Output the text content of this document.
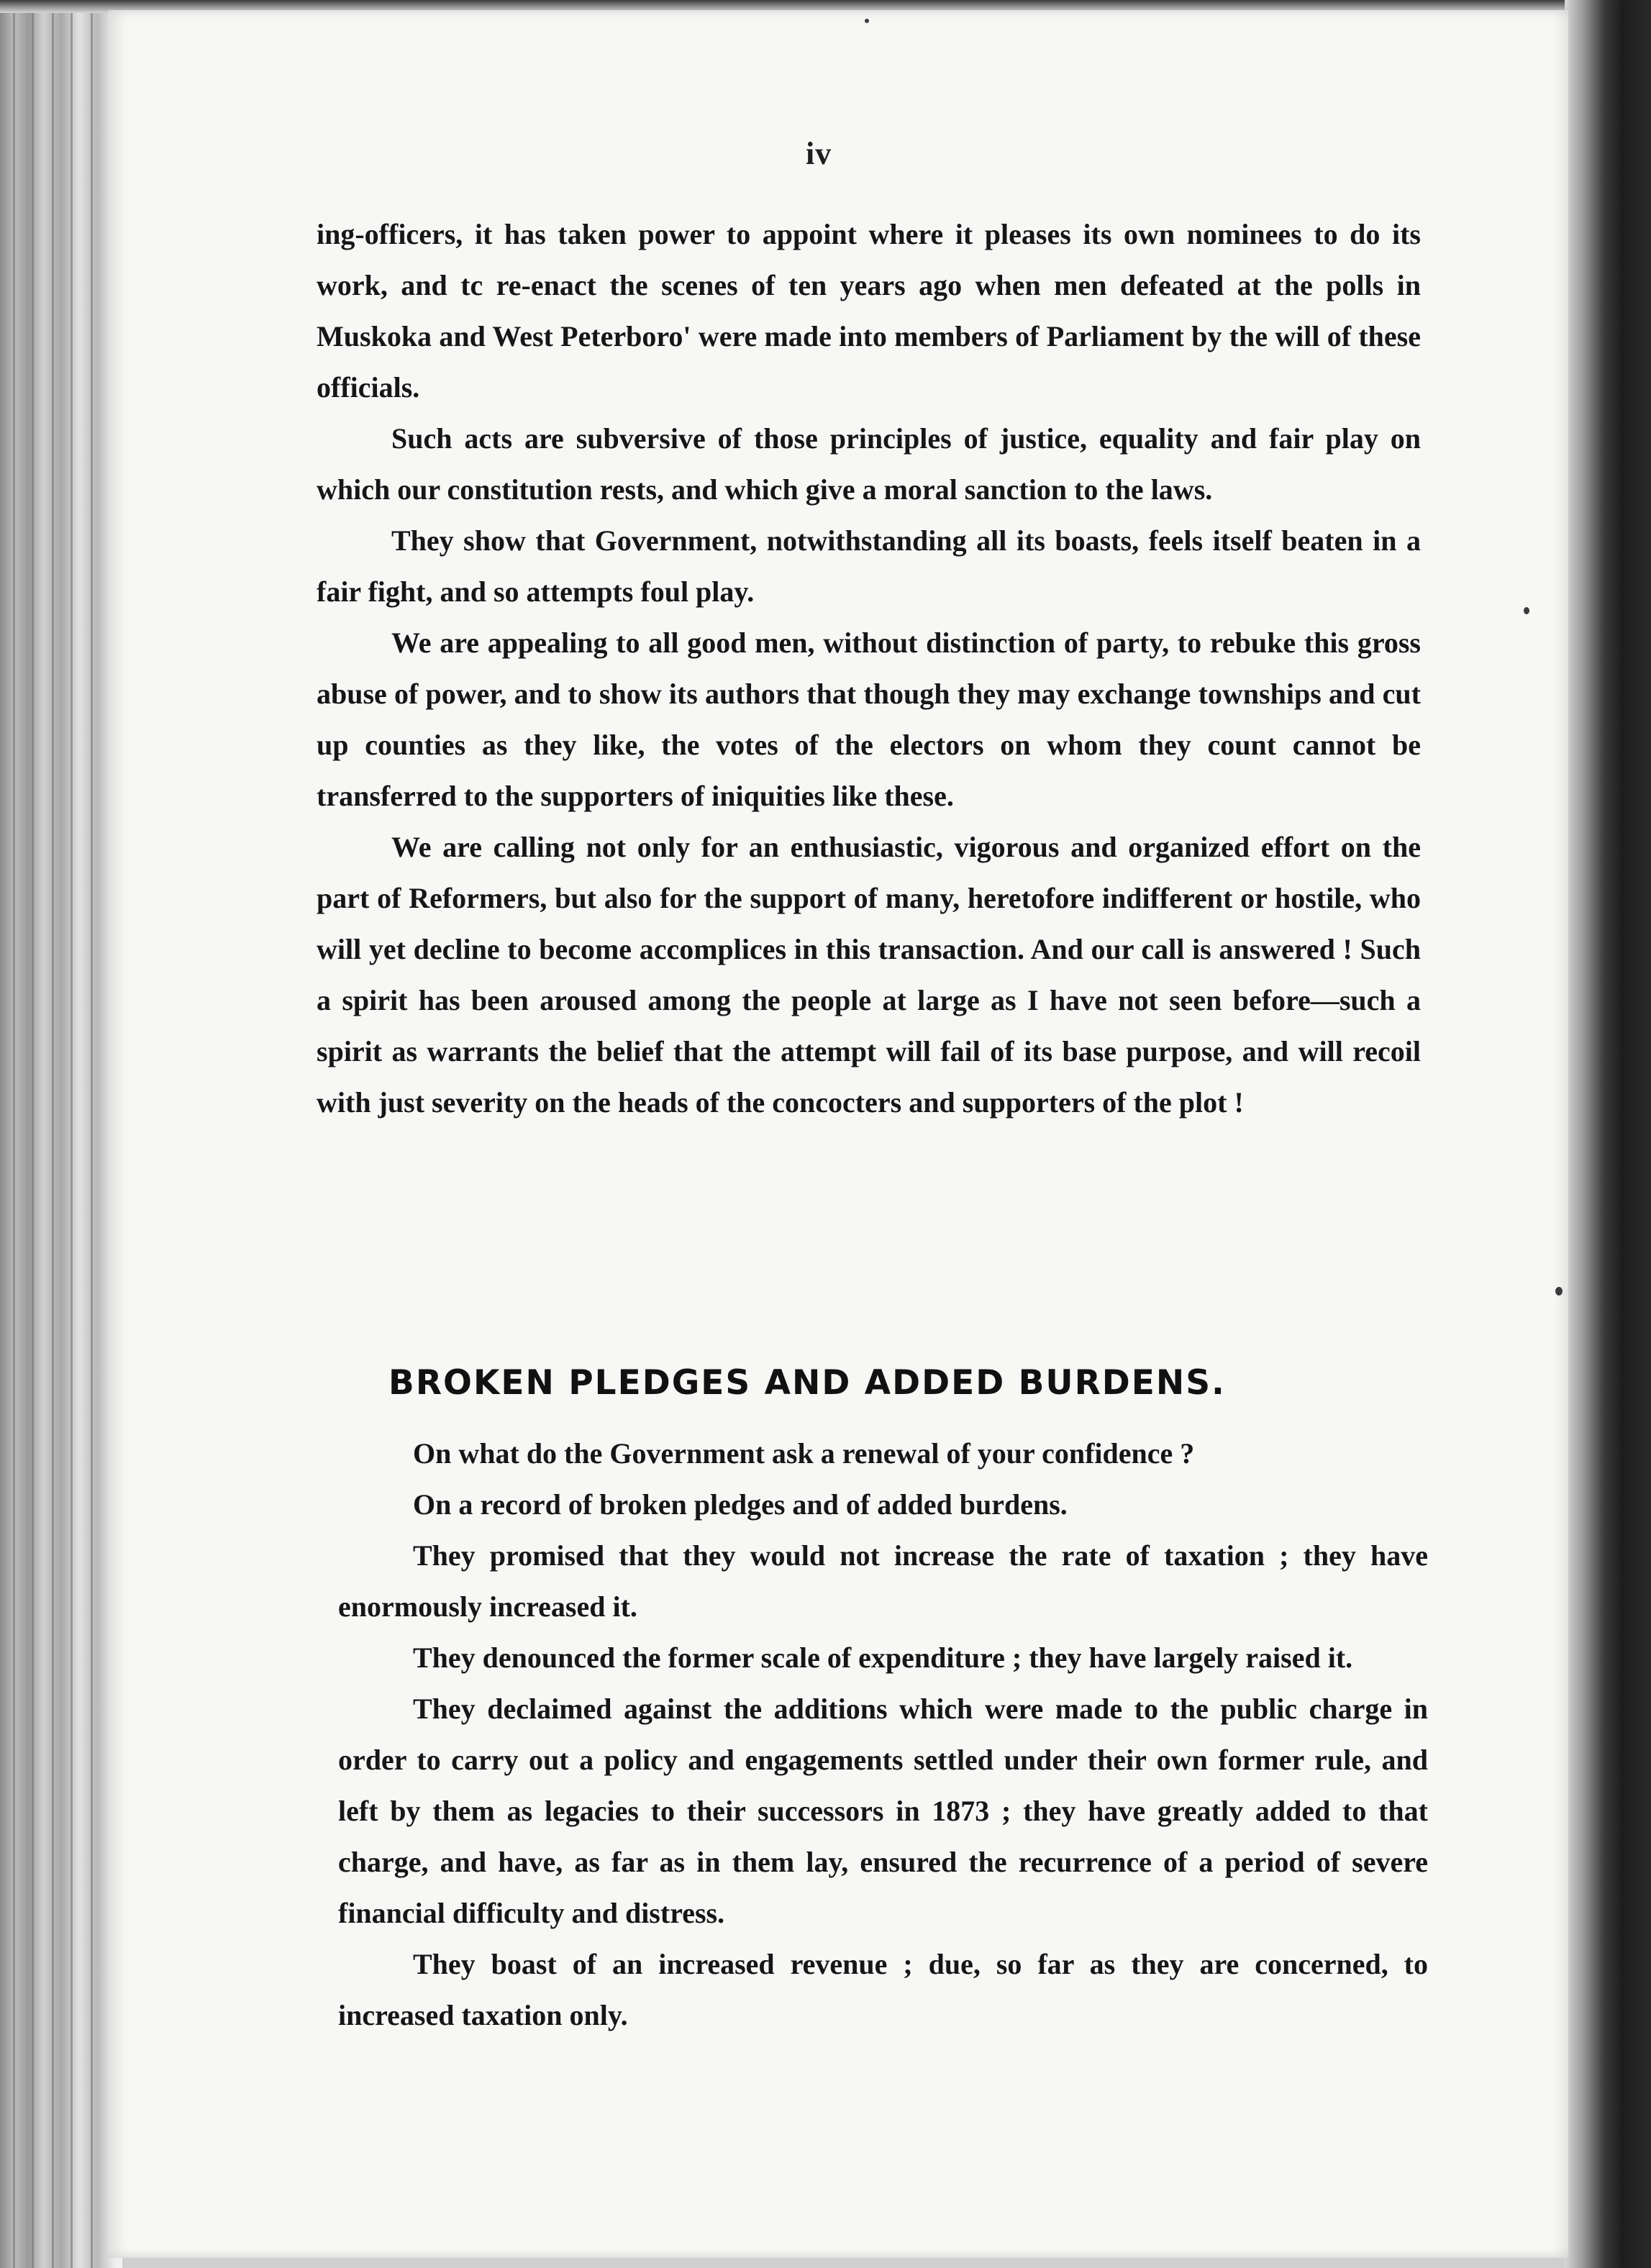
iv

ing-officers, it has taken power to appoint where it pleases its own nominees to do its work, and tc re-enact the scenes of ten years ago when men defeated at the polls in Muskoka and West Peterboro' were made into members of Parliament by the will of these officials.

Such acts are subversive of those principles of justice, equality and fair play on which our constitution rests, and which give a moral sanction to the laws.

They show that Government, notwithstanding all its boasts, feels itself beaten in a fair fight, and so attempts foul play.

We are appealing to all good men, without distinction of party, to rebuke this gross abuse of power, and to show its authors that though they may exchange townships and cut up counties as they like, the votes of the electors on whom they count cannot be transferred to the supporters of iniquities like these.

We are calling not only for an enthusiastic, vigorous and organized effort on the part of Reformers, but also for the support of many, heretofore indifferent or hostile, who will yet decline to become accomplices in this transaction. And our call is answered ! Such a spirit has been aroused among the people at large as I have not seen before—such a spirit as warrants the belief that the attempt will fail of its base purpose, and will recoil with just severity on the heads of the concocters and supporters of the plot !

BROKEN PLEDGES AND ADDED BURDENS.

On what do the Government ask a renewal of your confidence ?

On a record of broken pledges and of added burdens.

They promised that they would not increase the rate of taxation ; they have enormously increased it.

They denounced the former scale of expenditure ; they have largely raised it.

They declaimed against the additions which were made to the public charge in order to carry out a policy and engagements settled under their own former rule, and left by them as legacies to their successors in 1873 ; they have greatly added to that charge, and have, as far as in them lay, ensured the recurrence of a period of severe financial difficulty and distress.

They boast of an increased revenue ; due, so far as they are concerned, to increased taxation only.
